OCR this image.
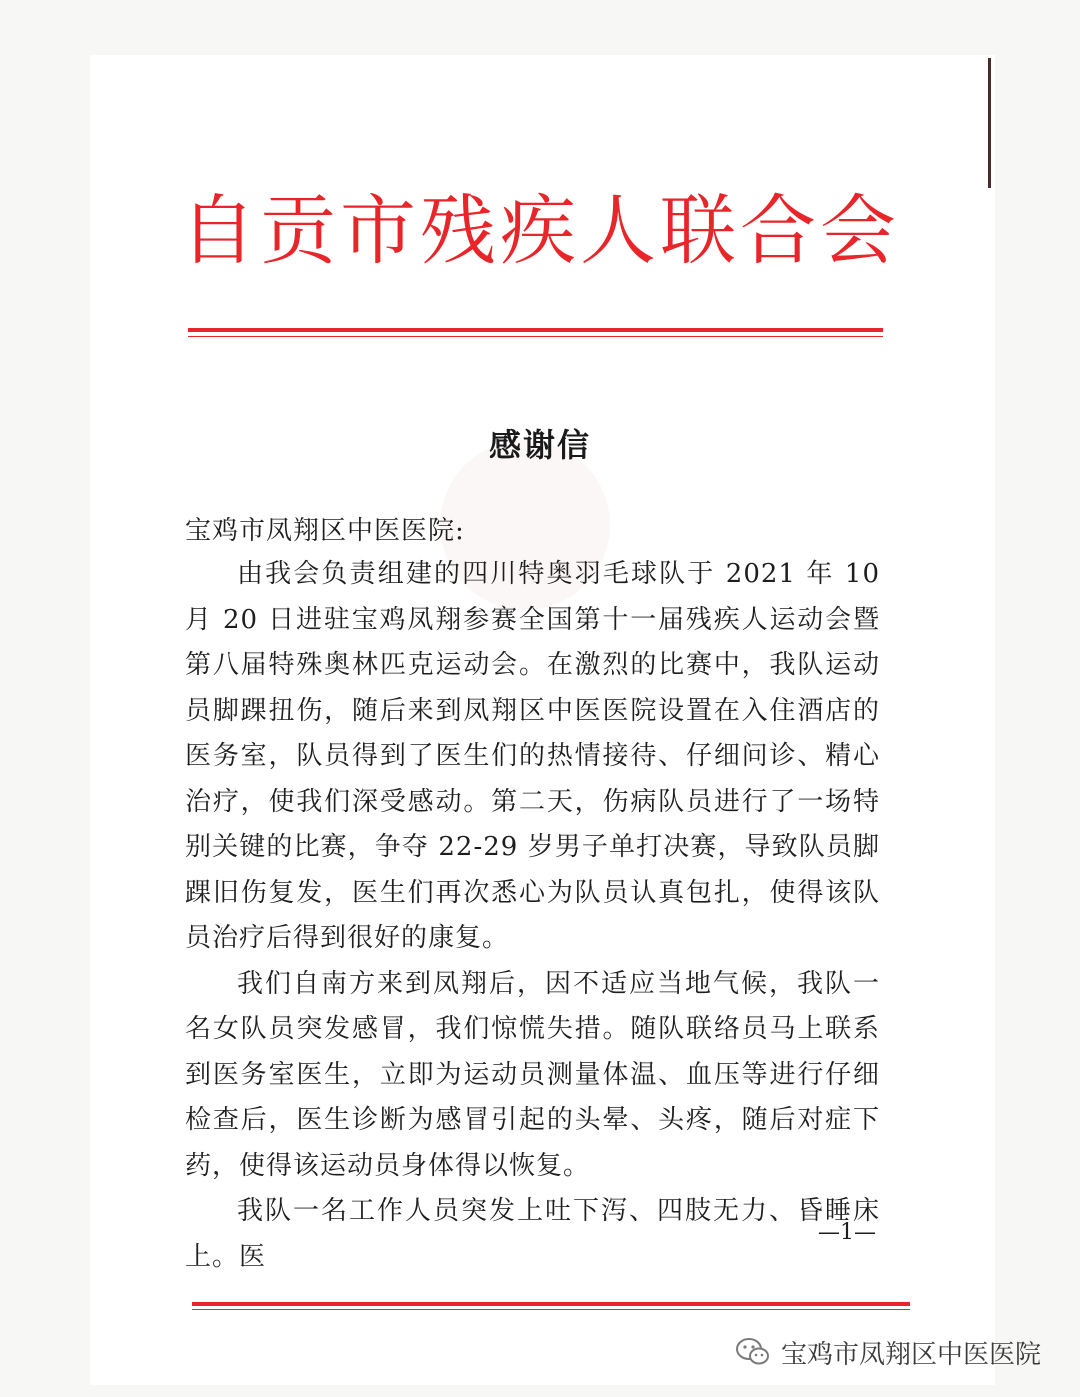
自贡市残疾人联合会
感谢信
宝鸡市凤翔区中医医院:

由我会负责组建的四川特奥羽毛球队于 2021 年 10 月 20 日进驻宝鸡凤翔参赛全国第十一届残疾人运动会暨第八届特殊奥林匹克运动会。在激烈的比赛中，我队运动员脚踝扭伤，随后来到凤翔区中医医院设置在入住酒店的医务室，队员得到了医生们的热情接待、仔细问诊、精心治疗，使我们深受感动。第二天，伤病队员进行了一场特别关键的比赛，争夺 22-29 岁男子单打决赛，导致队员脚踝旧伤复发，医生们再次悉心为队员认真包扎，使得该队员治疗后得到很好的康复。

我们自南方来到凤翔后，因不适应当地气候，我队一名女队员突发感冒，我们惊慌失措。随队联络员马上联系到医务室医生，立即为运动员测量体温、血压等进行仔细检查后，医生诊断为感冒引起的头晕、头疼，随后对症下药，使得该运动员身体得以恢复。

我队一名工作人员突发上吐下泻、四肢无力、昏睡床上。医

—1—
宝鸡市凤翔区中医医院
